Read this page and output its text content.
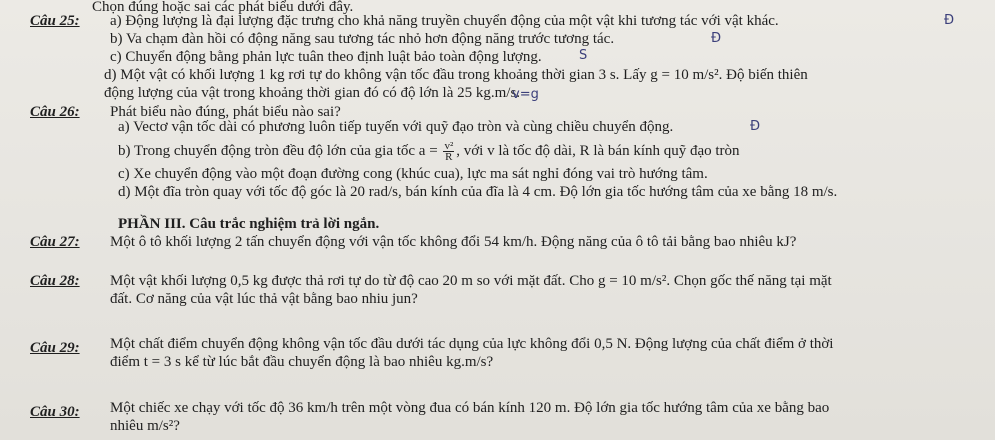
Chọn đúng hoặc sai các phát biểu dưới đây.
Câu 25: a) Động lượng là đại lượng đặc trưng cho khả năng truyền chuyển động của một vật khi tương tác với vật khác.	Đ
b) Va chạm đàn hồi có động năng sau tương tác nhỏ hơn động năng trước tương tác.	Đ
c) Chuyển động bằng phản lực tuân theo định luật bảo toàn động lượng.	S
d) Một vật có khối lượng 1 kg rơi tự do không vận tốc đầu trong khoảng thời gian 3 s. Lấy g = 10 m/s². Độ biến thiên
động lượng của vật trong khoảng thời gian đó có độ lớn là 25 kg.m/s.
v=g
Câu 26: Phát biểu nào đúng, phát biểu nào sai?
a) Vectơ vận tốc dài có phương luôn tiếp tuyến với quỹ đạo tròn và cùng chiều chuyển động.	Đ
b) Trong chuyển động tròn đều độ lớn của gia tốc $a = \frac{\text{v²}}{R}$ , với v là tốc độ dài, R là bán kính quỹ đạo tròn
c) Xe chuyển động vào một đoạn đường cong (khúc cua), lực ma sát nghỉ đóng vai trò hướng tâm.
d) Một đĩa tròn quay với tốc độ góc là 20 rad/s, bán kính của đĩa là 4 cm. Độ lớn gia tốc hướng tâm của xe bằng 18 m/s.
PHẦN III. Câu trắc nghiệm trả lời ngắn.
Câu 27: Một ô tô khối lượng 2 tấn chuyển động với vận tốc không đổi 54 km/h. Động năng của ô tô tải bằng bao nhiêu kJ?
Câu 28: Một vật khối lượng 0,5 kg được thả rơi tự do từ độ cao 20 m so với mặt đất. Cho g = 10 m/s². Chọn gốc thế năng tại mặt
đất. Cơ năng của vật lúc thả vật bằng bao nhiu jun?
Câu 29: Một chất điểm chuyển động không vận tốc đầu dưới tác dụng của lực không đổi 0,5 N. Động lượng của chất điểm ở thời
điểm t = 3 s kể từ lúc bắt đầu chuyển động là bao nhiêu kg.m/s?
Câu 30: Một chiếc xe chạy với tốc độ 36 km/h trên một vòng đua có bán kính 120 m. Độ lớn gia tốc hướng tâm của xe bằng bao
nhiêu m/s²?
